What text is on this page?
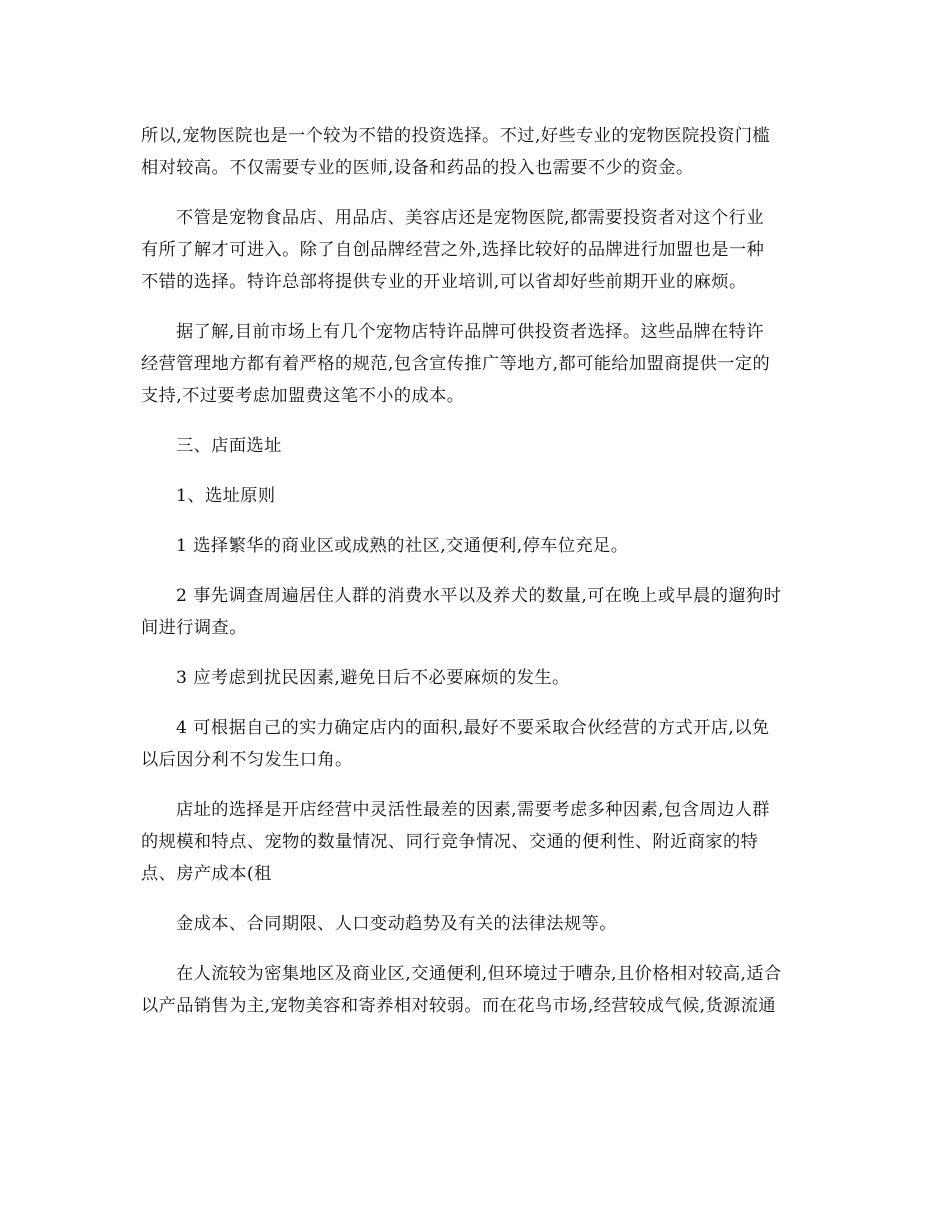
所以,宠物医院也是一个较为不错的投资选择。不过,好些专业的宠物医院投资门槛
相对较高。不仅需要专业的医师,设备和药品的投入也需要不少的资金。

不管是宠物食品店、用品店、美容店还是宠物医院,都需要投资者对这个行业
有所了解才可进入。除了自创品牌经营之外,选择比较好的品牌进行加盟也是一种
不错的选择。特许总部将提供专业的开业培训,可以省却好些前期开业的麻烦。

据了解,目前市场上有几个宠物店特许品牌可供投资者选择。这些品牌在特许
经营管理地方都有着严格的规范,包含宣传推广等地方,都可能给加盟商提供一定的
支持,不过要考虑加盟费这笔不小的成本。

三、店面选址

1、选址原则

1 选择繁华的商业区或成熟的社区,交通便利,停车位充足。

2 事先调查周遍居住人群的消费水平以及养犬的数量,可在晚上或早晨的遛狗时
间进行调查。

3 应考虑到扰民因素,避免日后不必要麻烦的发生。

4 可根据自己的实力确定店内的面积,最好不要采取合伙经营的方式开店,以免
以后因分利不匀发生口角。

店址的选择是开店经营中灵活性最差的因素,需要考虑多种因素,包含周边人群
的规模和特点、宠物的数量情况、同行竞争情况、交通的便利性、附近商家的特
点、房产成本(租

金成本、合同期限、人口变动趋势及有关的法律法规等。

在人流较为密集地区及商业区,交通便利,但环境过于嘈杂,且价格相对较高,适合
以产品销售为主,宠物美容和寄养相对较弱。而在花鸟市场,经营较成气候,货源流通
